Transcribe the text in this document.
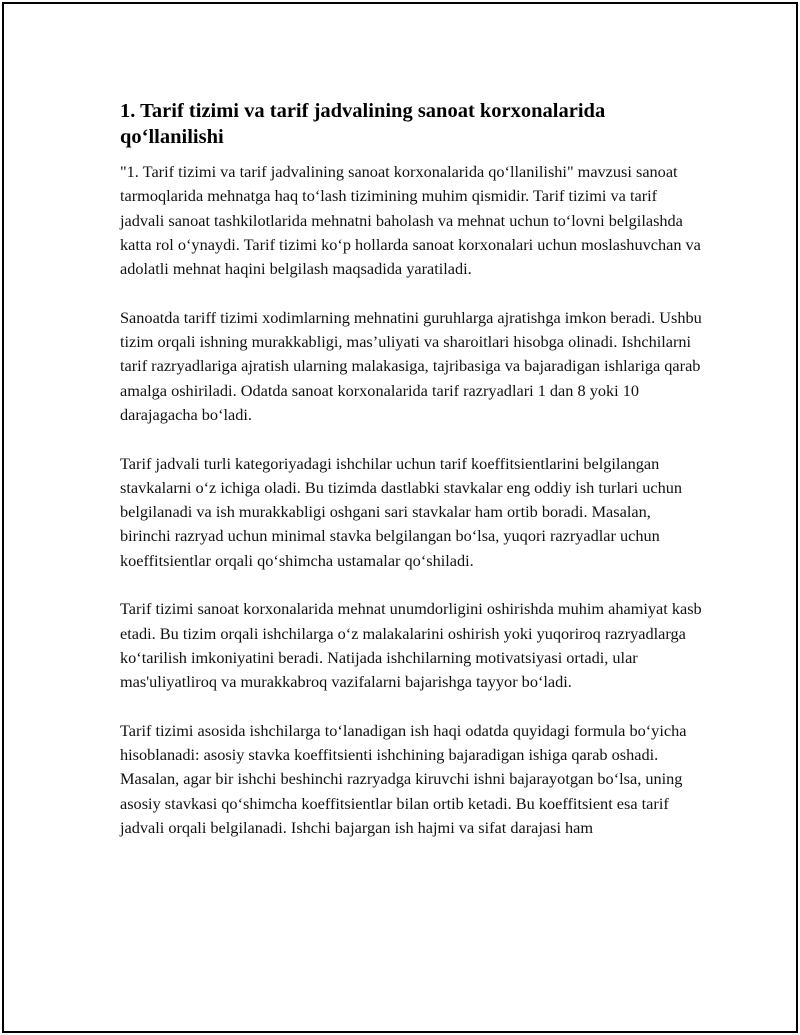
1. Tarif tizimi va tarif jadvalining sanoat korxonalarida qo‘llanilishi

"1. Tarif tizimi va tarif jadvalining sanoat korxonalarida qo‘llanilishi" mavzusi sanoat tarmoqlarida mehnatga haq to‘lash tizimining muhim qismidir. Tarif tizimi va tarif jadvali sanoat tashkilotlarida mehnatni baholash va mehnat uchun to‘lovni belgilashda katta rol o‘ynaydi. Tarif tizimi ko‘p hollarda sanoat korxonalari uchun moslashuvchan va adolatli mehnat haqini belgilash maqsadida yaratiladi.

Sanoatda tariff tizimi xodimlarning mehnatini guruhlarga ajratishga imkon beradi. Ushbu tizim orqali ishning murakkabligi, mas’uliyati va sharoitlari hisobga olinadi. Ishchilarni tarif razryadlariga ajratish ularning malakasiga, tajribasiga va bajaradigan ishlariga qarab amalga oshiriladi. Odatda sanoat korxonalarida tarif razryadlari 1 dan 8 yoki 10 darajagacha bo‘ladi.

Tarif jadvali turli kategoriyadagi ishchilar uchun tarif koeffitsientlarini belgilangan stavkalarni o‘z ichiga oladi. Bu tizimda dastlabki stavkalar eng oddiy ish turlari uchun belgilanadi va ish murakkabligi oshgani sari stavkalar ham ortib boradi. Masalan, birinchi razryad uchun minimal stavka belgilangan bo‘lsa, yuqori razryadlar uchun koeffitsientlar orqali qo‘shimcha ustamalar qo‘shiladi.

Tarif tizimi sanoat korxonalarida mehnat unumdorligini oshirishda muhim ahamiyat kasb etadi. Bu tizim orqali ishchilarga o‘z malakalarini oshirish yoki yuqoriroq razryadlarga ko‘tarilish imkoniyatini beradi. Natijada ishchilarning motivatsiyasi ortadi, ular mas'uliyatliroq va murakkabroq vazifalarni bajarishga tayyor bo‘ladi.

Tarif tizimi asosida ishchilarga to‘lanadigan ish haqi odatda quyidagi formula bo‘yicha hisoblanadi: asosiy stavka koeffitsienti ishchining bajaradigan ishiga qarab oshadi. Masalan, agar bir ishchi beshinchi razryadga kiruvchi ishni bajarayotgan bo‘lsa, uning asosiy stavkasi qo‘shimcha koeffitsientlar bilan ortib ketadi. Bu koeffitsient esa tarif jadvali orqali belgilanadi. Ishchi bajargan ish hajmi va sifat darajasi ham
